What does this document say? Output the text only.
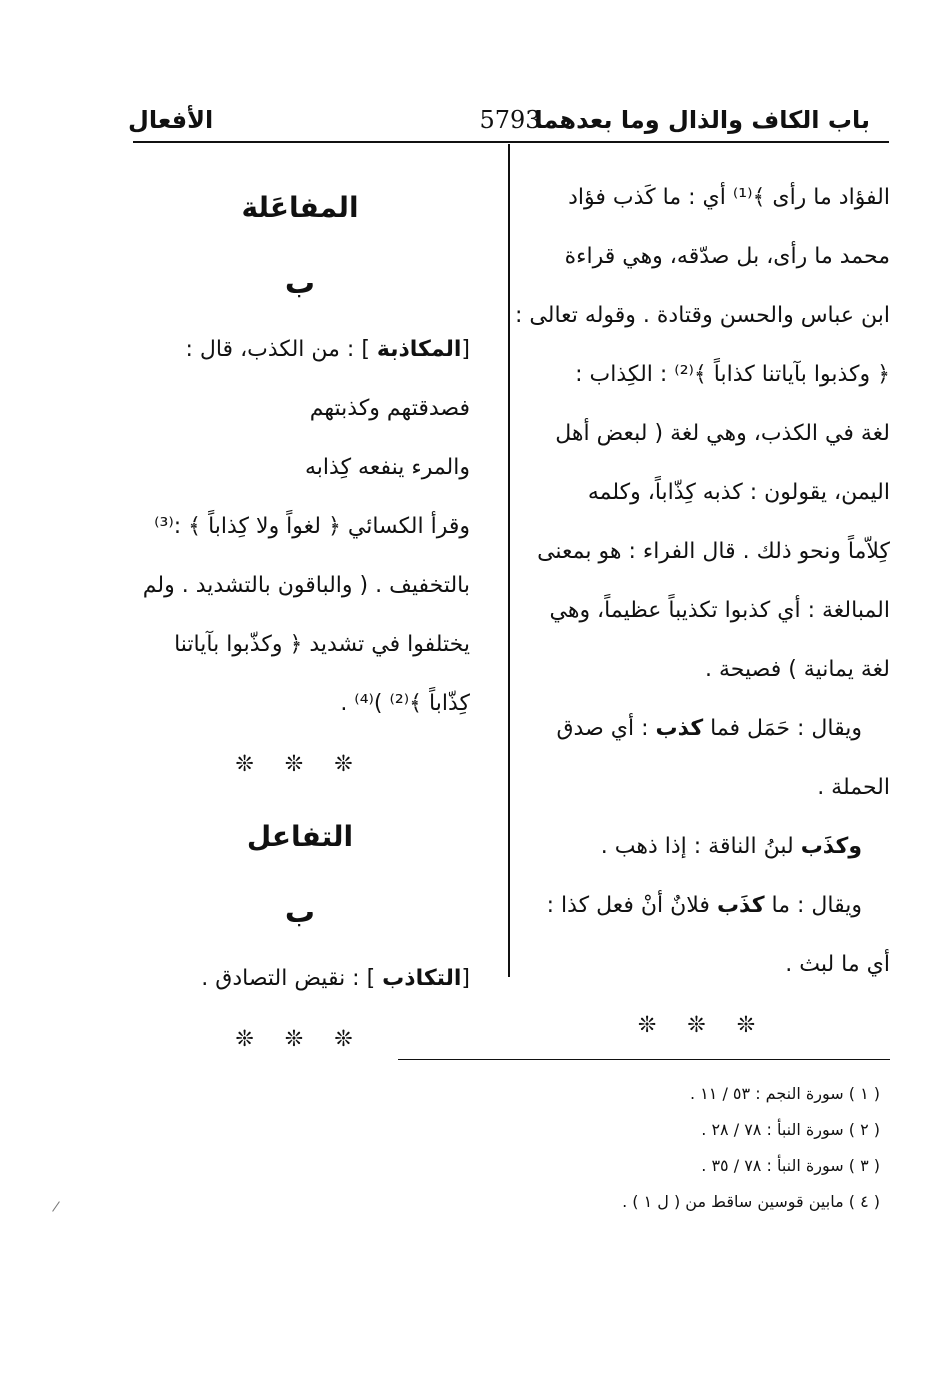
باب الكاف والذال وما بعدهما
5793
الأفعال
الفؤاد ما رأى ﴾⁽¹⁾ أي : ما كَذب فؤاد
محمد ما رأى، بل صدّقه، وهي قراءة
ابن عباس والحسن وقتادة . وقوله تعالى :
﴿ وكذبوا بآياتنا كذاباً ﴾⁽²⁾ : الكِذاب :
لغة في الكذب، وهي لغة ( لبعض أهل
اليمن، يقولون : كذبه كِذّاباً، وكلمه
كِلاّماً ونحو ذلك . قال الفراء : هو بمعنى
المبالغة : أي كذبوا تكذيباً عظيماً، وهي
لغة يمانية ) فصيحة .
ويقال : حَمَل فما كذب : أي صدق
الحملة .
وكذَب لبنُ الناقة : إذا ذهب .
ويقال : ما كذَب فلانٌ أنْ فعل كذا :
أي ما لبث .
❊ ❊ ❊
المفاعَلة
ب
[المكاذبة ] : من الكذب، قال :
فصدقتهم وكذبتهم
والمرء ينفعه كِذابه
وقرأ الكسائي ﴿ لغواً ولا كِذاباً ﴾ :⁽³⁾
بالتخفيف . ( والباقون بالتشديد . ولم
يختلفوا في تشديد ﴿ وكذّبوا بآياتنا
كِذّاباً ﴾⁽²⁾ )⁽⁴⁾ .
❊ ❊ ❊
التفاعل
ب
[التكاذب ] : نقيض التصادق .
❊ ❊ ❊
( ١ ) سورة النجم : ٥٣ / ١١ .
( ٢ ) سورة النبأ : ٧٨ / ٢٨ .
( ٣ ) سورة النبأ : ٧٨ / ٣٥ .
( ٤ ) مابين قوسين ساقط من ( ل ١ ) .
